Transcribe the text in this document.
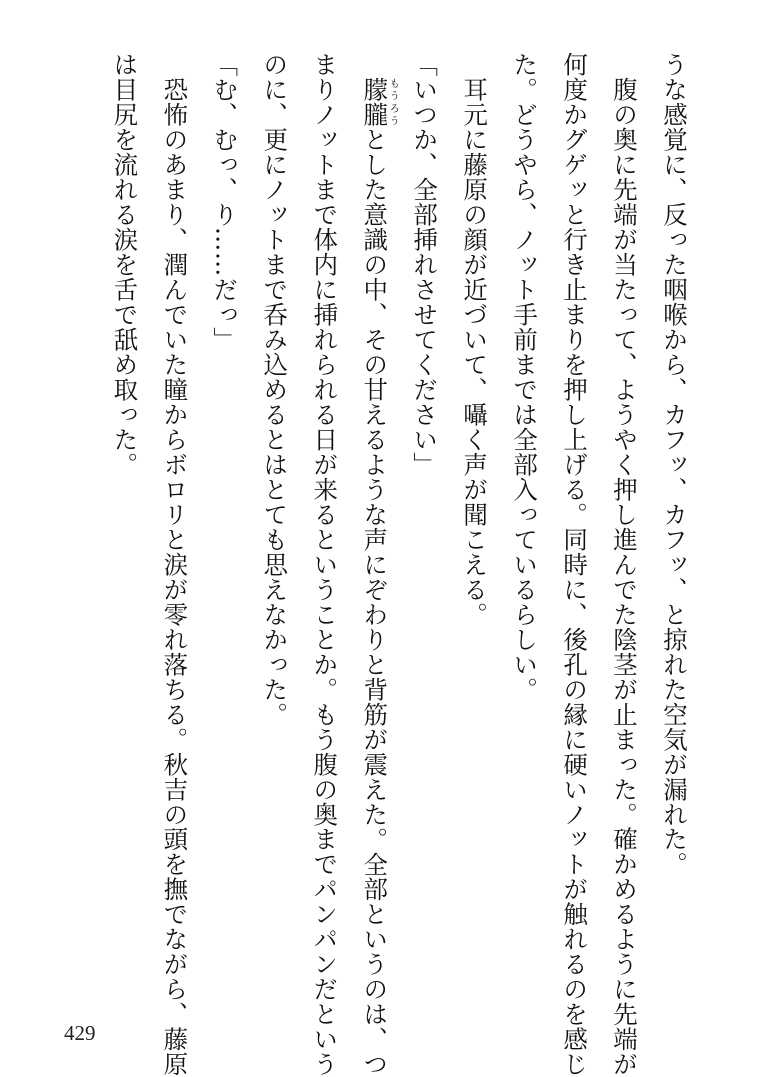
うな感覚に、反った咽喉から、カフッ、カフッ、と掠れた空気が漏れた。
　腹の奥に先端が当たって、ようやく押し進んでた陰茎が止まった。確かめるように先端が
何度かグゲッと行き止まりを押し上げる。同時に、後孔の縁に硬いノットが触れるのを感じ
た。どうやら、ノット手前までは全部入っているらしい。
　耳元に藤原の顔が近づいて、囁く声が聞こえる。
「いつか、全部挿れさせてください」
　朦朧もうろうとした意識の中、その甘えるような声にぞわりと背筋が震えた。全部というのは、つ
まりノットまで体内に挿れられる日が来るということか。もう腹の奥までパンパンだという
のに、更にノットまで呑み込めるとはとても思えなかった。
「む、むっ、り……だっ」
　恐怖のあまり、潤んでいた瞳からボロリと涙が零れ落ちる。秋吉の頭を撫でながら、藤原
は目尻を流れる涙を舌で舐め取った。
429
